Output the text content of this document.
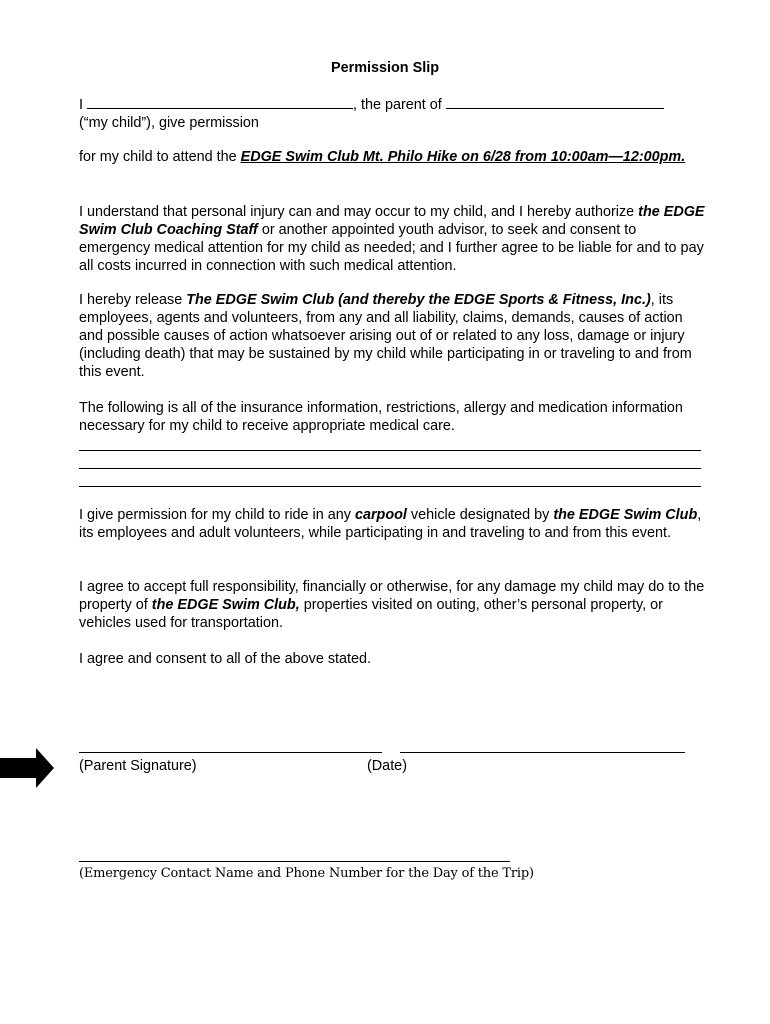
Permission Slip
I	, the parent of
(“my child”), give permission
for my child to attend the EDGE Swim Club Mt. Philo Hike on 6/28 from 10:00am—12:00pm.
I understand that personal injury can and may occur to my child, and I hereby authorize the EDGE Swim Club Coaching Staff or another appointed youth advisor, to seek and consent to emergency medical attention for my child as needed; and I further agree to be liable for and to pay all costs incurred in connection with such medical attention.
I hereby release The EDGE Swim Club (and thereby the EDGE Sports & Fitness, Inc.), its employees, agents and volunteers, from any and all liability, claims, demands, causes of action and possible causes of action whatsoever arising out of or related to any loss, damage or injury (including death) that may be sustained by my child while participating in or traveling to and from this event.
The following is all of the insurance information, restrictions, allergy and medication information necessary for my child to receive appropriate medical care.
I give permission for my child to ride in any carpool vehicle designated by the EDGE Swim Club, its employees and adult volunteers, while participating in and traveling to and from this event.
I agree to accept full responsibility, financially or otherwise, for any damage my child may do to the property of the EDGE Swim Club, properties visited on outing, other’s personal property, or vehicles used for transportation.
I agree and consent to all of the above stated.
(Parent Signature)	(Date)
(Emergency Contact Name and Phone Number for the Day of the Trip)
